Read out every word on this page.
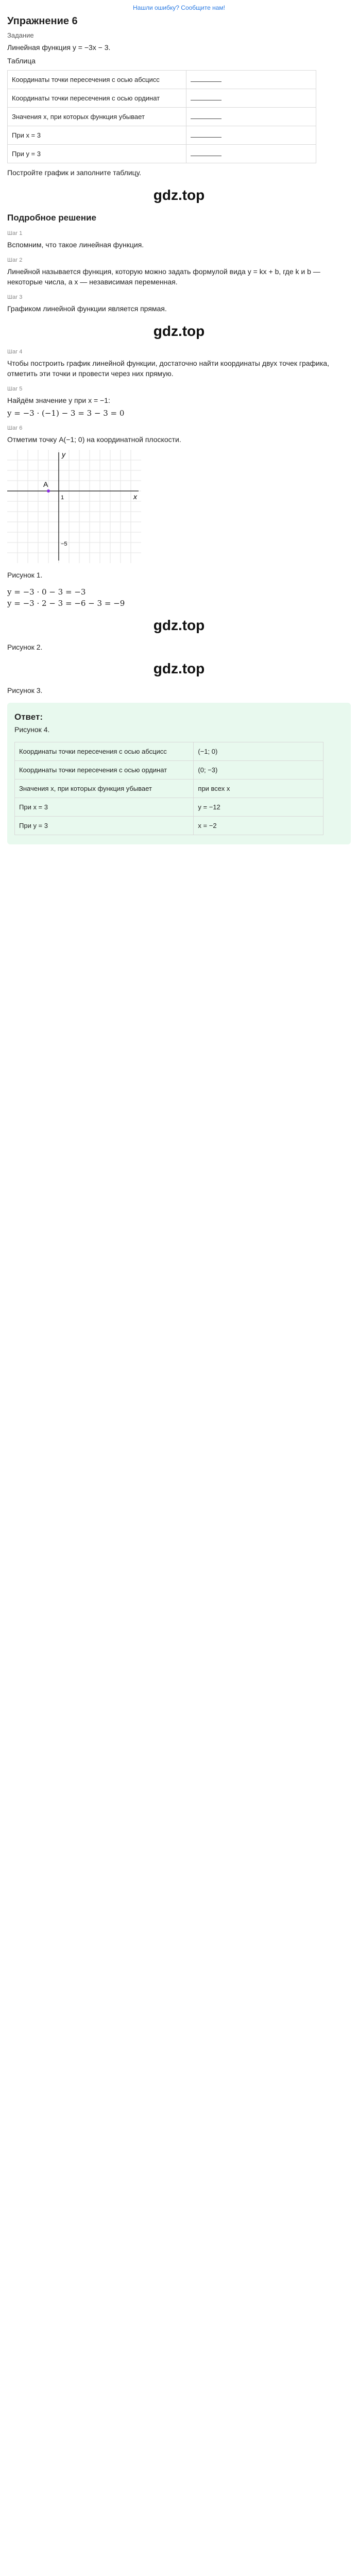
Нашли ошибку? Сообщите нам!
Упражнение 6
Задание
Линейная функция y = −3x − 3.
Таблица
Координаты точки пересечения с осью абсцисс	
Координаты точки пересечения с осью ординат	
Значения x, при которых функция убывает	
При x = 3	
При y = 3	
Постройте график и заполните таблицу.
gdz.top
Подробное решение
Шаг 1
Вспомним, что такое линейная функция.
Шаг 2
Линейной называется функция, которую можно задать формулой вида y = kx + b, где k и b — некоторые числа, а x — независимая переменная.
Шаг 3
Графиком линейной функции является прямая.
gdz.top
Шаг 4
Чтобы построить график линейной функции, достаточно найти координаты двух точек графика, отметить эти точки и провести через них прямую.
Шаг 5
Найдём значение y при x = −1:
y = −3 · (−1) − 3 = 3 − 3 = 0
Шаг 6
Отметим точку A(−1; 0) на координатной плоскости.
A
x
y
1
−5
Рисунок 1.
y = −3 · 0 − 3 = −3
y = −3 · 2 − 3 = −6 − 3 = −9
gdz.top
Рисунок 2.
gdz.top
Рисунок 3.
Ответ:
Рисунок 4.
Координаты точки пересечения с осью абсцисс	(−1; 0)
Координаты точки пересечения с осью ординат	(0; −3)
Значения x, при которых функция убывает	при всех x
При x = 3	y = −12
При y = 3	x = −2
